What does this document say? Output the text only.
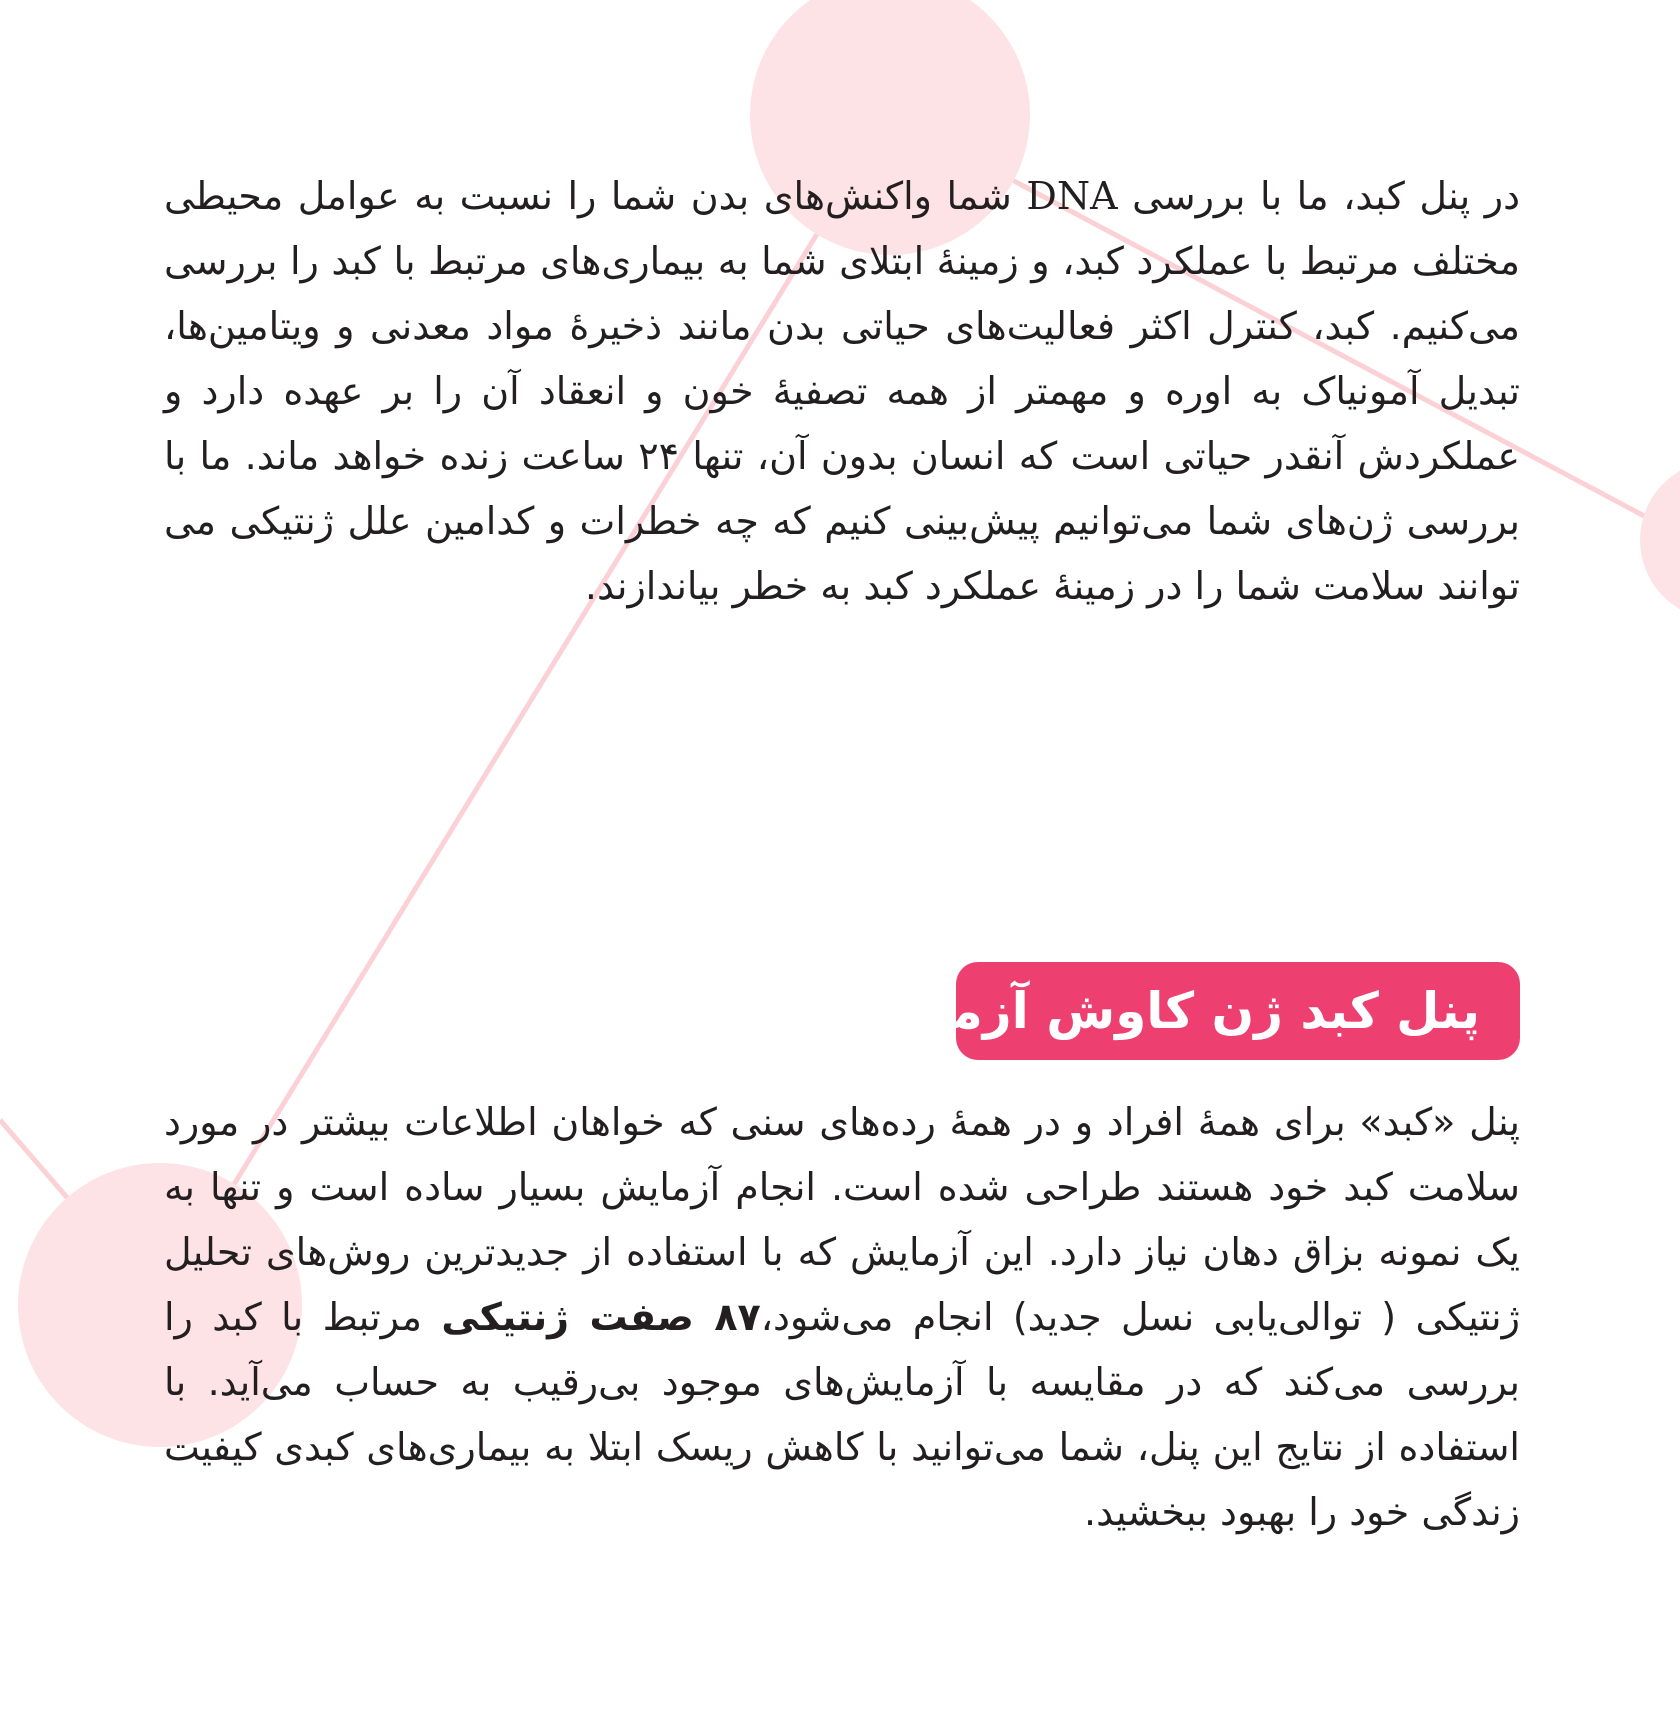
در پنل کبد، ما با بررسی DNA شما واکنش‌های بدن شما را نسبت به عوامل محیطی مختلف مرتبط با عملکرد کبد، و زمینهٔ ابتلای شما به بیماری‌های مرتبط با کبد را بررسی می‌کنیم. کبد، کنترل اکثر فعالیت‌های حیاتی بدن مانند ذخیرهٔ مواد معدنی و ویتامین‌ها، تبدیل آمونیاک به اوره و مهمتر از همه تصفیهٔ خون و انعقاد آن را بر عهده دارد و عملکردش آنقدر حیاتی است که انسان بدون آن، تنها ۲۴ ساعت زنده خواهد ماند. ما با بررسی ژن‌های شما می‌توانیم پیش‌بینی کنیم که چه خطرات و کدامین علل ژنتیکی می توانند سلامت شما را در زمینهٔ عملکرد کبد به خطر بیاندازند.

پنل کبد ژن کاوش آزما

پنل «کبد» برای همهٔ افراد و در همهٔ رده‌های سنی که خواهان اطلاعات بیشتر در مورد سلامت کبد خود هستند طراحی شده است. انجام آزمایش بسیار ساده است و تنها به یک نمونه بزاق دهان نیاز دارد. این آزمایش که با استفاده از جدیدترین روش‌های تحلیل ژنتیکی ( توالی‌یابی نسل جدید) انجام می‌شود،۸۷ صفت ژنتیکی مرتبط با کبد را بررسی می‌کند که در مقایسه با آزمایش‌های موجود بی‌رقیب به حساب می‌آید. با استفاده از نتایج این پنل، شما می‌توانید با کاهش ریسک ابتلا به بیماری‌های کبدی کیفیت زندگی خود را بهبود ببخشید.
